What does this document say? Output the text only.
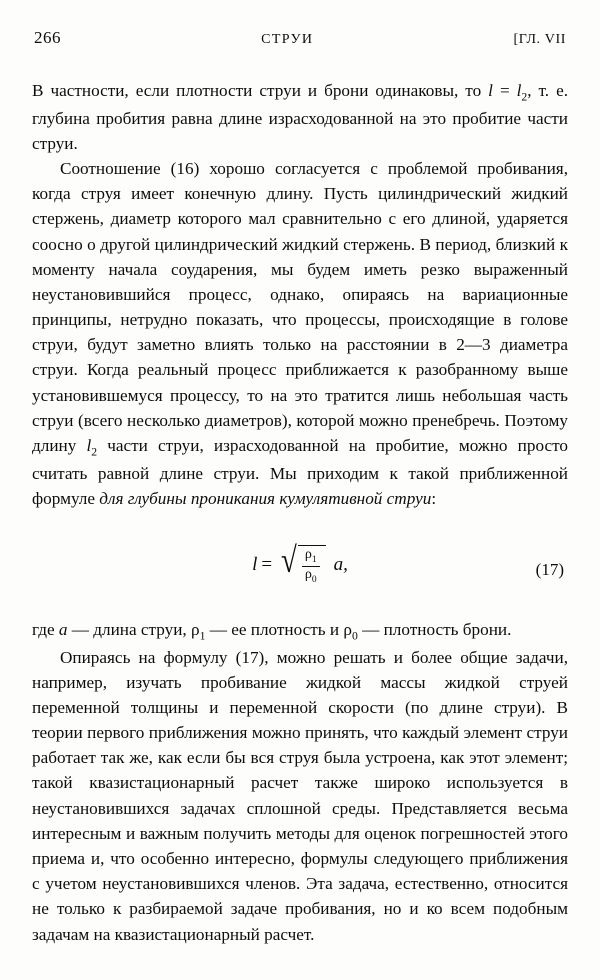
266	СТРУИ	[ГЛ. VII

В частности, если плотности струи и брони одинаковы, то $l = l_2$, т. е. глубина пробития равна длине израсходованной на это пробитие части струи.

Соотношение (16) хорошо согласуется с проблемой пробивания, когда струя имеет конечную длину. Пусть цилиндрический жидкий стержень, диаметр которого мал сравнительно с его длиной, ударяется соосно о другой цилиндрический жидкий стержень. В период, близкий к моменту начала соударения, мы будем иметь резко выраженный неустановившийся процесс, однако, опираясь на вариационные принципы, нетрудно показать, что процессы, происходящие в голове струи, будут заметно влиять только на расстоянии в 2—3 диаметра струи. Когда реальный процесс приближается к разобранному выше установившемуся процессу, то на это тратится лишь небольшая часть струи (всего несколько диаметров), которой можно пренебречь. Поэтому длину $l_2$ части струи, израсходованной на пробитие, можно просто считать равной длине струи. Мы приходим к такой приближенной формуле для глубины проникания кумулятивной струи:

l = √ $\frac{\rho_1}{\rho_0} a$,	(17)

где a — длина струи, $\rho_1$ — ее плотность и $\rho_0$ — плотность брони.

Опираясь на формулу (17), можно решать и более общие задачи, например, изучать пробивание жидкой массы жидкой струей переменной толщины и переменной скорости (по длине струи). В теории первого приближения можно принять, что каждый элемент струи работает так же, как если бы вся струя была устроена, как этот элемент; такой квазистационарный расчет также широко используется в неустановившихся задачах сплошной среды. Представляется весьма интересным и важным получить методы для оценок погрешностей этого приема и, что особенно интересно, формулы следующего приближения с учетом неустановившихся членов. Эта задача, естественно, относится не только к разбираемой задаче пробивания, но и ко всем подобным задачам на квазистационарный расчет.
